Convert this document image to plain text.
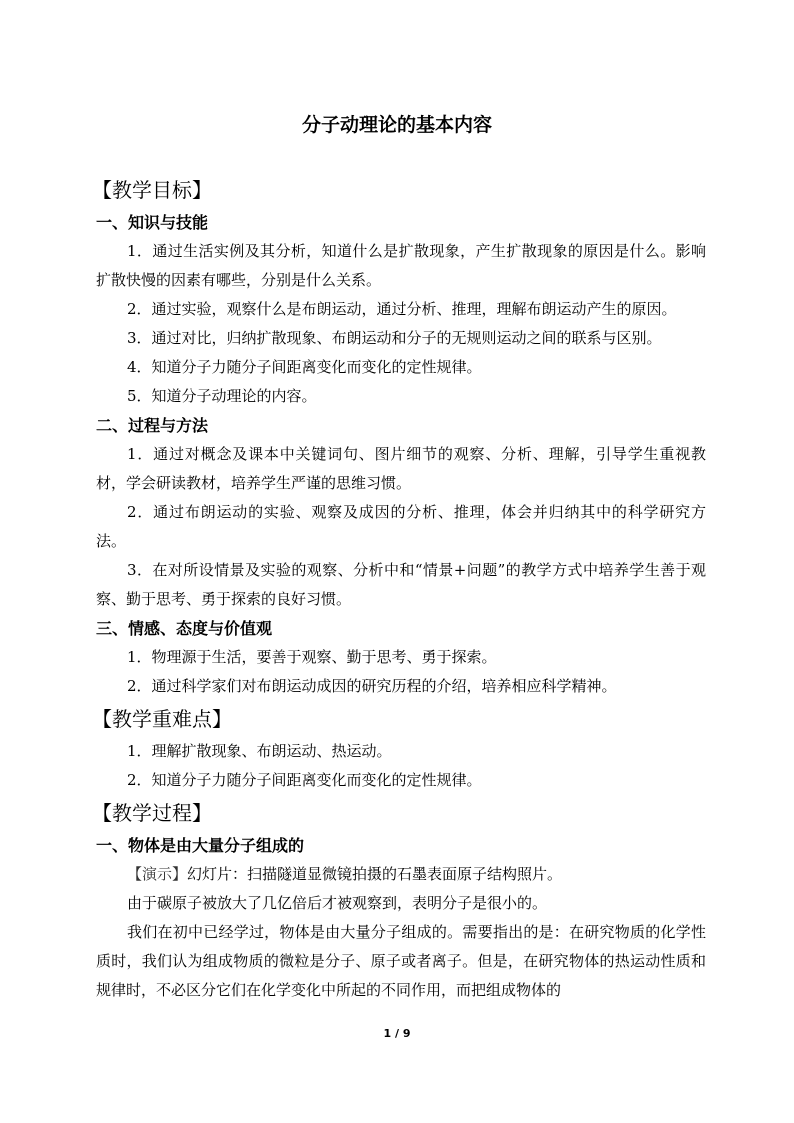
分子动理论的基本内容
【教学目标】
一、知识与技能

1．通过生活实例及其分析，知道什么是扩散现象，产生扩散现象的原因是什么。影响扩散快慢的因素有哪些，分别是什么关系。

2．通过实验，观察什么是布朗运动，通过分析、推理，理解布朗运动产生的原因。

3．通过对比，归纳扩散现象、布朗运动和分子的无规则运动之间的联系与区别。

4．知道分子力随分子间距离变化而变化的定性规律。

5．知道分子动理论的内容。

二、过程与方法

1．通过对概念及课本中关键词句、图片细节的观察、分析、理解，引导学生重视教材，学会研读教材，培养学生严谨的思维习惯。

2．通过布朗运动的实验、观察及成因的分析、推理，体会并归纳其中的科学研究方法。

3．在对所设情景及实验的观察、分析中和“情景+问题”的教学方式中培养学生善于观察、勤于思考、勇于探索的良好习惯。

三、情感、态度与价值观

1．物理源于生活，要善于观察、勤于思考、勇于探索。

2．通过科学家们对布朗运动成因的研究历程的介绍，培养相应科学精神。

【教学重难点】

1．理解扩散现象、布朗运动、热运动。

2．知道分子力随分子间距离变化而变化的定性规律。

【教学过程】
一、物体是由大量分子组成的

【演示】幻灯片：扫描隧道显微镜拍摄的石墨表面原子结构照片。

由于碳原子被放大了几亿倍后才被观察到，表明分子是很小的。

我们在初中已经学过，物体是由大量分子组成的。需要指出的是：在研究物质的化学性质时，我们认为组成物质的微粒是分子、原子或者离子。但是，在研究物体的热运动性质和规律时，不必区分它们在化学变化中所起的不同作用，而把组成物体的

1 / 9
